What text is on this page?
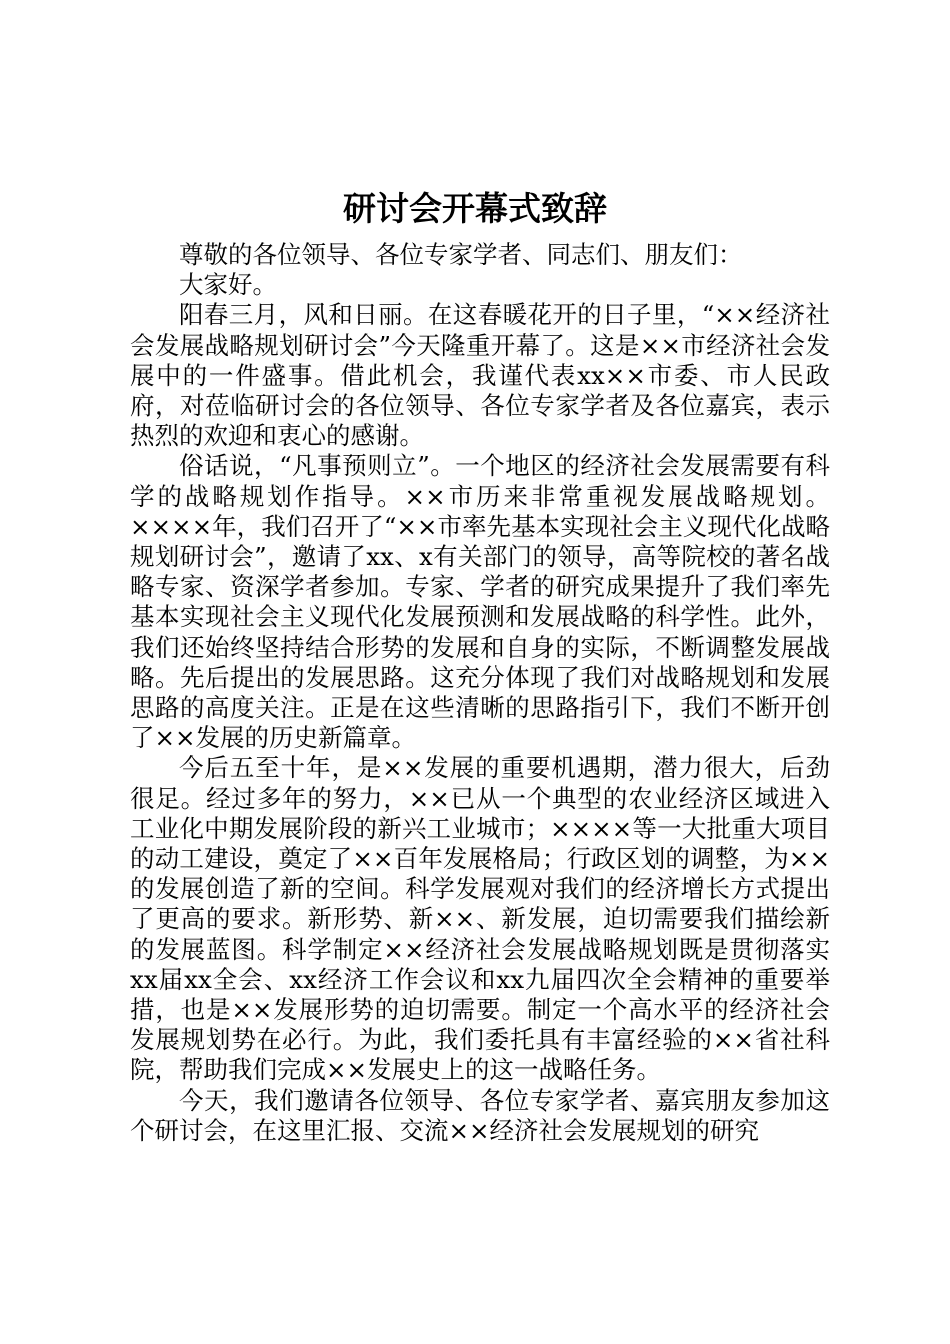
研讨会开幕式致辞

尊敬的各位领导、各位专家学者、同志们、朋友们：

大家好。

阳春三月，风和日丽。在这春暖花开的日子里，“××经济社会发展战略规划研讨会”今天隆重开幕了。这是××市经济社会发展中的一件盛事。借此机会，我谨代表xx××市委、市人民政府，对莅临研讨会的各位领导、各位专家学者及各位嘉宾，表示热烈的欢迎和衷心的感谢。

俗话说，“凡事预则立”。一个地区的经济社会发展需要有科学的战略规划作指导。××市历来非常重视发展战略规划。××××年，我们召开了“××市率先基本实现社会主义现代化战略规划研讨会”，邀请了xx、x有关部门的领导，高等院校的著名战略专家、资深学者参加。专家、学者的研究成果提升了我们率先基本实现社会主义现代化发展预测和发展战略的科学性。此外，我们还始终坚持结合形势的发展和自身的实际，不断调整发展战略。先后提出的发展思路。这充分体现了我们对战略规划和发展思路的高度关注。正是在这些清晰的思路指引下，我们不断开创了××发展的历史新篇章。

今后五至十年，是××发展的重要机遇期，潜力很大，后劲很足。经过多年的努力，××已从一个典型的农业经济区域进入工业化中期发展阶段的新兴工业城市；××××等一大批重大项目的动工建设，奠定了××百年发展格局；行政区划的调整，为××的发展创造了新的空间。科学发展观对我们的经济增长方式提出了更高的要求。新形势、新××、新发展，迫切需要我们描绘新的发展蓝图。科学制定××经济社会发展战略规划既是贯彻落实xx届xx全会、xx经济工作会议和xx九届四次全会精神的重要举措，也是××发展形势的迫切需要。制定一个高水平的经济社会发展规划势在必行。为此，我们委托具有丰富经验的××省社科院，帮助我们完成××发展史上的这一战略任务。

今天，我们邀请各位领导、各位专家学者、嘉宾朋友参加这个研讨会，在这里汇报、交流××经济社会发展规划的研究
